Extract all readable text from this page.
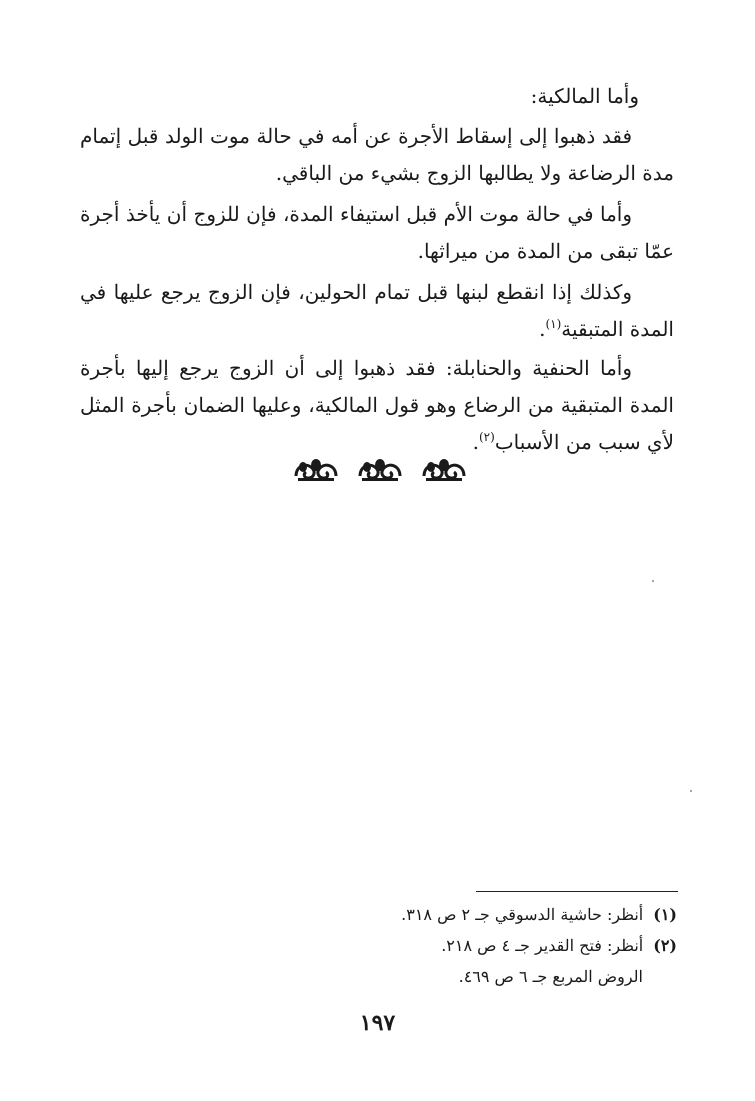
وأما المالكية:

فقد ذهبوا إلى إسقاط الأجرة عن أمه في حالة موت الولد قبل إتمام مدة الرضاعة ولا يطالبها الزوج بشيء من الباقي.

وأما في حالة موت الأم قبل استيفاء المدة، فإن للزوج أن يأخذ أجرة عمّا تبقى من المدة من ميراثها.

وكذلك إذا انقطع لبنها قبل تمام الحولين، فإن الزوج يرجع عليها في المدة المتبقية$^{(١)}$.

وأما الحنفية والحنابلة: فقد ذهبوا إلى أن الزوج يرجع إليها بأجرة المدة المتبقية من الرضاع وهو قول المالكية، وعليها الضمان بأجرة المثل لأي سبب من الأسباب$^{(٢)}$.

(١)أنظر: حاشية الدسوقي جـ ٢ ص ٣١٨.
(٢)أنظر: فتح القدير جـ ٤ ص ٢١٨.
الروض المربع جـ ٦ ص ٤٦٩.
١٩٧
